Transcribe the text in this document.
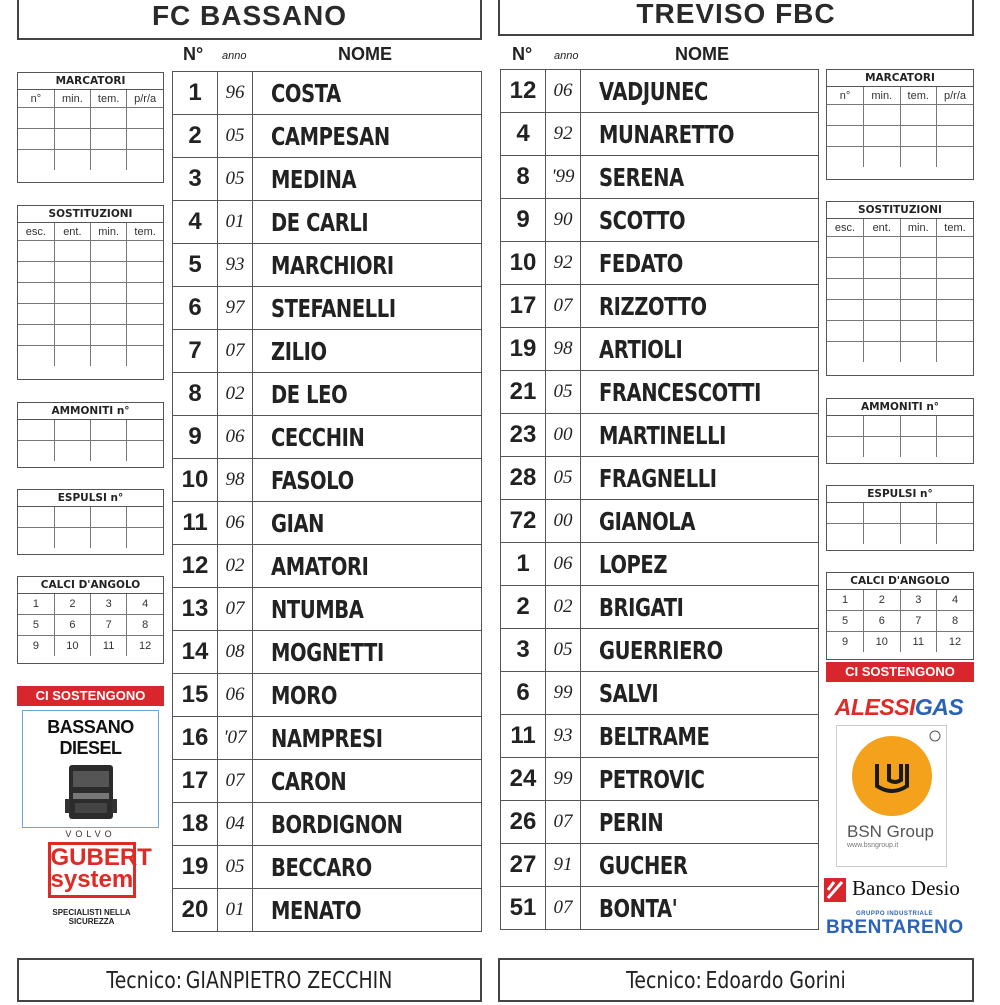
FC BASSANO	TREVISO FBC
N° anno	NOME	N° anno	NOME
1	96	COSTA
2	05	CAMPESAN
3	05	MEDINA
4	01	DE CARLI
5	93	MARCHIORI
6	97	STEFANELLI
7	07	ZILIO
8	02	DE LEO
9	06	CECCHIN
10	98	FASOLO
11	06	GIAN
12	02	AMATORI
13	07	NTUMBA
14	08	MOGNETTI
15	06	MORO
16	'07	NAMPRESI
17	07	CARON
18	04	BORDIGNON
19	05	BECCARO
20	01	MENATO
12	06	VADJUNEC
4	92	MUNARETTO
8	'99	SERENA
9	90	SCOTTO
10	92	FEDATO
17	07	RIZZOTTO
19	98	ARTIOLI
21	05	FRANCESCOTTI
23	00	MARTINELLI
28	05	FRAGNELLI
72	00	GIANOLA
1	06	LOPEZ
2	02	BRIGATI
3	05	GUERRIERO
6	99	SALVI
11	93	BELTRAME
24	99	PETROVIC
26	07	PERIN
27	91	GUCHER
51	07	BONTA'
MARCATORI
n°	min.	tem.	p/r/a

SOSTITUZIONI
esc.	ent.	min.	tem.

AMMONITI n°

ESPULSI n°

CALCI D'ANGOLO
1	2	3	4
5	6	7	8
9	10	11	12
MARCATORI
n°	min.	tem.	p/r/a

SOSTITUZIONI
esc.	ent.	min.	tem.

AMMONITI n°

ESPULSI n°

CALCI D'ANGOLO
1	2	3	4
5	6	7	8
9	10	11	12
CI SOSTENGONO
BASSANO DIESEL
VOLVO
GUBERT
system
SPECIALISTI NELLA SICUREZZA
CI SOSTENGONO
ALESSIGAS
BSN Group
www.bsngroup.it
Banco Desio
GRUPPO INDUSTRIALE
BRENTARENO
Tecnico: GIANPIETRO ZECCHIN	Tecnico: Edoardo Gorini
